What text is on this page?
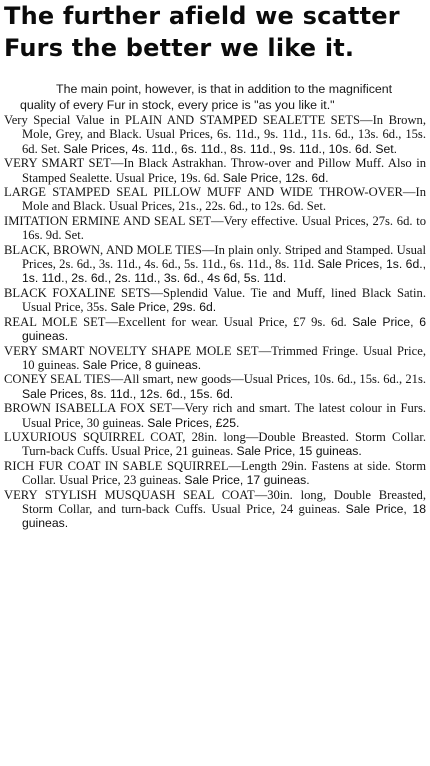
The further afield we scatter
Furs the better we like it.

The main point, however, is that in addition to the magnificent quality of every Fur in stock, every price is "as you like it."

Very Special Value in PLAIN AND STAMPED SEALETTE SETS—In Brown, Mole, Grey, and Black. Usual Prices, 6s. 11d., 9s. 11d., 11s. 6d., 13s. 6d., 15s. 6d. Set. Sale Prices, 4s. 11d., 6s. 11d., 8s. 11d., 9s. 11d., 10s. 6d. Set.
VERY SMART SET—In Black Astrakhan. Throw-over and Pillow Muff. Also in Stamped Sealette. Usual Price, 19s. 6d. Sale Price, 12s. 6d.
LARGE STAMPED SEAL PILLOW MUFF AND WIDE THROW-OVER—In Mole and Black. Usual Prices, 21s., 22s. 6d., to 12s. 6d. Set.
IMITATION ERMINE AND SEAL SET—Very effective. Usual Prices, 27s. 6d. to 16s. 9d. Set.
BLACK, BROWN, AND MOLE TIES—In plain only. Striped and Stamped. Usual Prices, 2s. 6d., 3s. 11d., 4s. 6d., 5s. 11d., 6s. 11d., 8s. 11d. Sale Prices, 1s. 6d., 1s. 11d., 2s. 6d., 2s. 11d., 3s. 6d., 4s 6d, 5s. 11d.
BLACK FOXALINE SETS—Splendid Value. Tie and Muff, lined Black Satin. Usual Price, 35s. Sale Price, 29s. 6d.
REAL MOLE SET—Excellent for wear. Usual Price, £7 9s. 6d. Sale Price, 6 guineas.
VERY SMART NOVELTY SHAPE MOLE SET—Trimmed Fringe. Usual Price, 10 guineas. Sale Price, 8 guineas.
CONEY SEAL TIES—All smart, new goods—Usual Prices, 10s. 6d., 15s. 6d., 21s. Sale Prices, 8s. 11d., 12s. 6d., 15s. 6d.
BROWN ISABELLA FOX SET—Very rich and smart. The latest colour in Furs. Usual Price, 30 guineas. Sale Prices, £25.
LUXURIOUS SQUIRREL COAT, 28in. long—Double Breasted. Storm Collar. Turn-back Cuffs. Usual Price, 21 guineas. Sale Price, 15 guineas.
RICH FUR COAT IN SABLE SQUIRREL—Length 29in. Fastens at side. Storm Collar. Usual Price, 23 guineas. Sale Price, 17 guineas.
VERY STYLISH MUSQUASH SEAL COAT—30in. long, Double Breasted, Storm Collar, and turn-back Cuffs. Usual Price, 24 guineas. Sale Price, 18 guineas.
